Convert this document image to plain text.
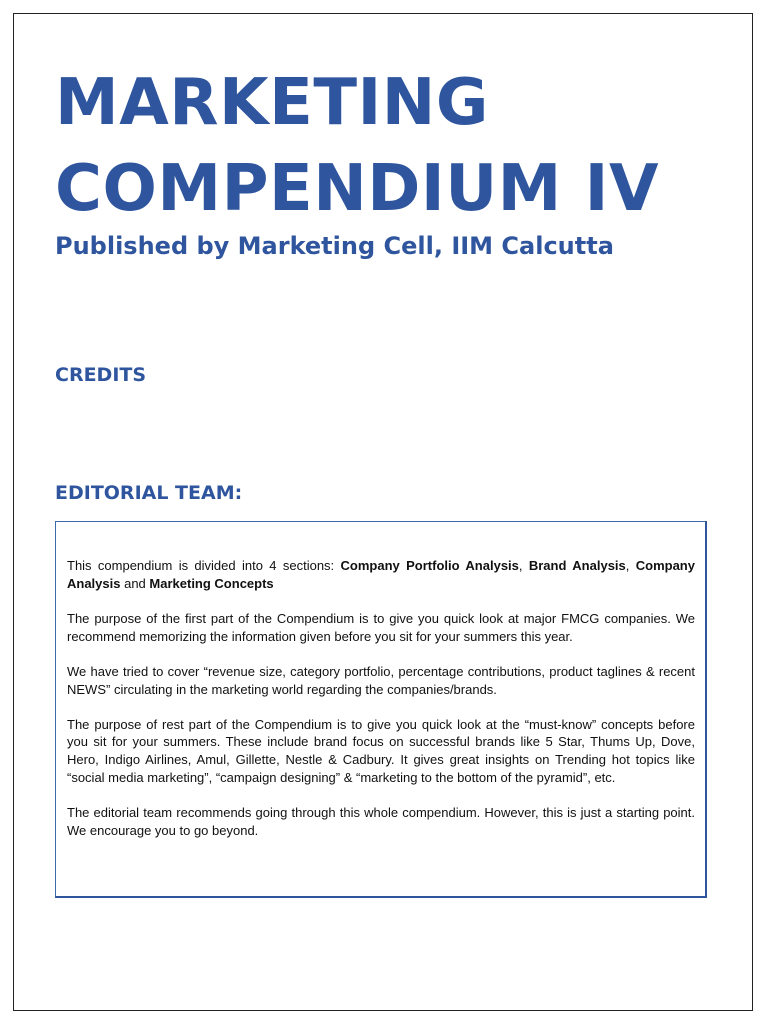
MARKETING
COMPENDIUM IV
Published by Marketing Cell, IIM Calcutta
CREDITS
EDITORIAL TEAM:

This compendium is divided into 4 sections: Company Portfolio Analysis, Brand Analysis, Company Analysis and Marketing Concepts

The purpose of the first part of the Compendium is to give you quick look at major FMCG companies. We recommend memorizing the information given before you sit for your summers this year.

We have tried to cover “revenue size, category portfolio, percentage contributions, product taglines & recent NEWS” circulating in the marketing world regarding the companies/brands.

The purpose of rest part of the Compendium is to give you quick look at the “must-know” concepts before you sit for your summers. These include brand focus on successful brands like 5 Star, Thums Up, Dove, Hero, Indigo Airlines, Amul, Gillette, Nestle & Cadbury. It gives great insights on Trending hot topics like “social media marketing”, “campaign designing” & “marketing to the bottom of the pyramid”, etc.

The editorial team recommends going through this whole compendium. However, this is just a starting point. We encourage you to go beyond.
